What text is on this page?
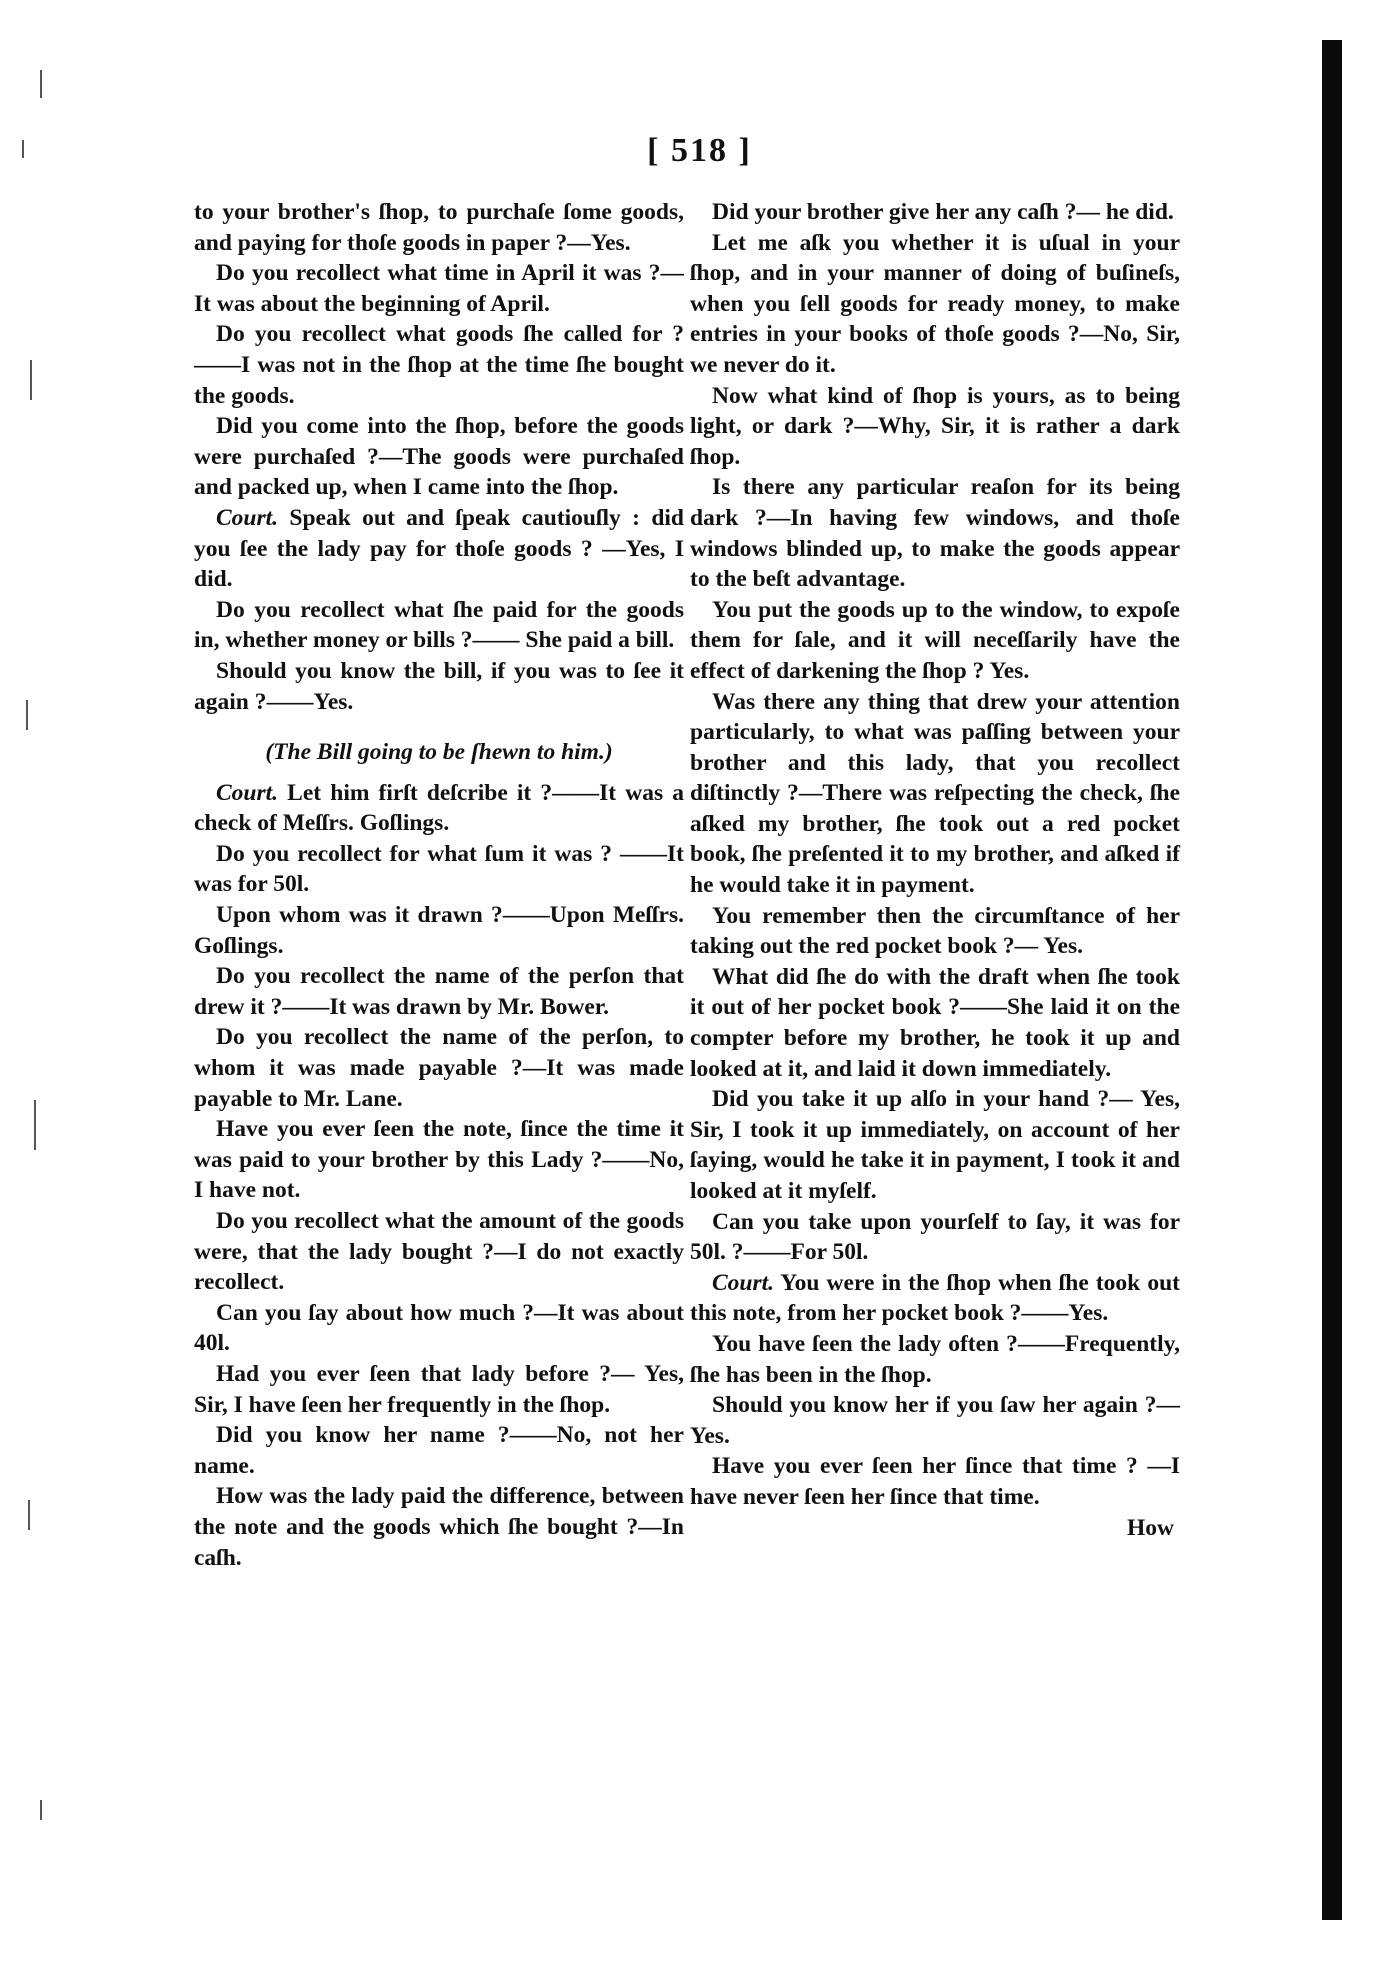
[ 518 ]

to your brother's ſhop, to purchaſe ſome goods, and paying for thoſe goods in paper ?—Yes.

Do you recollect what time in April it was ?—It was about the beginning of April.

Do you recollect what goods ſhe called for ?——I was not in the ſhop at the time ſhe bought the goods.

Did you come into the ſhop, before the goods were purchaſed ?—The goods were purchaſed and packed up, when I came into the ſhop.

Court. Speak out and ſpeak cautiouſly : did you ſee the lady pay for thoſe goods ? —Yes, I did.

Do you recollect what ſhe paid for the goods in, whether money or bills ?—— She paid a bill.

Should you know the bill, if you was to ſee it again ?——Yes.

(The Bill going to be ſhewn to him.)

Court. Let him firſt deſcribe it ?——It was a check of Meſſrs. Goſlings.

Do you recollect for what ſum it was ? ——It was for 50l.

Upon whom was it drawn ?——Upon Meſſrs. Goſlings.

Do you recollect the name of the perſon that drew it ?——It was drawn by Mr. Bower.

Do you recollect the name of the perſon, to whom it was made payable ?—It was made payable to Mr. Lane.

Have you ever ſeen the note, ſince the time it was paid to your brother by this Lady ?——No, I have not.

Do you recollect what the amount of the goods were, that the lady bought ?—I do not exactly recollect.

Can you ſay about how much ?—It was about 40l.

Had you ever ſeen that lady before ?— Yes, Sir, I have ſeen her frequently in the ſhop.

Did you know her name ?——No, not her name.

How was the lady paid the difference, between the note and the goods which ſhe bought ?—In caſh.

Did your brother give her any caſh ?— he did.

Let me aſk you whether it is uſual in your ſhop, and in your manner of doing of buſineſs, when you ſell goods for ready money, to make entries in your books of thoſe goods ?—No, Sir, we never do it.

Now what kind of ſhop is yours, as to being light, or dark ?—Why, Sir, it is rather a dark ſhop.

Is there any particular reaſon for its being dark ?—In having few windows, and thoſe windows blinded up, to make the goods appear to the beſt advantage.

You put the goods up to the window, to expoſe them for ſale, and it will neceſſarily have the effect of darkening the ſhop ? Yes.

Was there any thing that drew your attention particularly, to what was paſſing between your brother and this lady, that you recollect diſtinctly ?—There was reſpecting the check, ſhe aſked my brother, ſhe took out a red pocket book, ſhe preſented it to my brother, and aſked if he would take it in payment.

You remember then the circumſtance of her taking out the red pocket book ?— Yes.

What did ſhe do with the draft when ſhe took it out of her pocket book ?——She laid it on the compter before my brother, he took it up and looked at it, and laid it down immediately.

Did you take it up alſo in your hand ?— Yes, Sir, I took it up immediately, on account of her ſaying, would he take it in payment, I took it and looked at it myſelf.

Can you take upon yourſelf to ſay, it was for 50l. ?——For 50l.

Court. You were in the ſhop when ſhe took out this note, from her pocket book ?——Yes.

You have ſeen the lady often ?——Frequently, ſhe has been in the ſhop.

Should you know her if you ſaw her again ?—Yes.

Have you ever ſeen her ſince that time ? —I have never ſeen her ſince that time.

How
